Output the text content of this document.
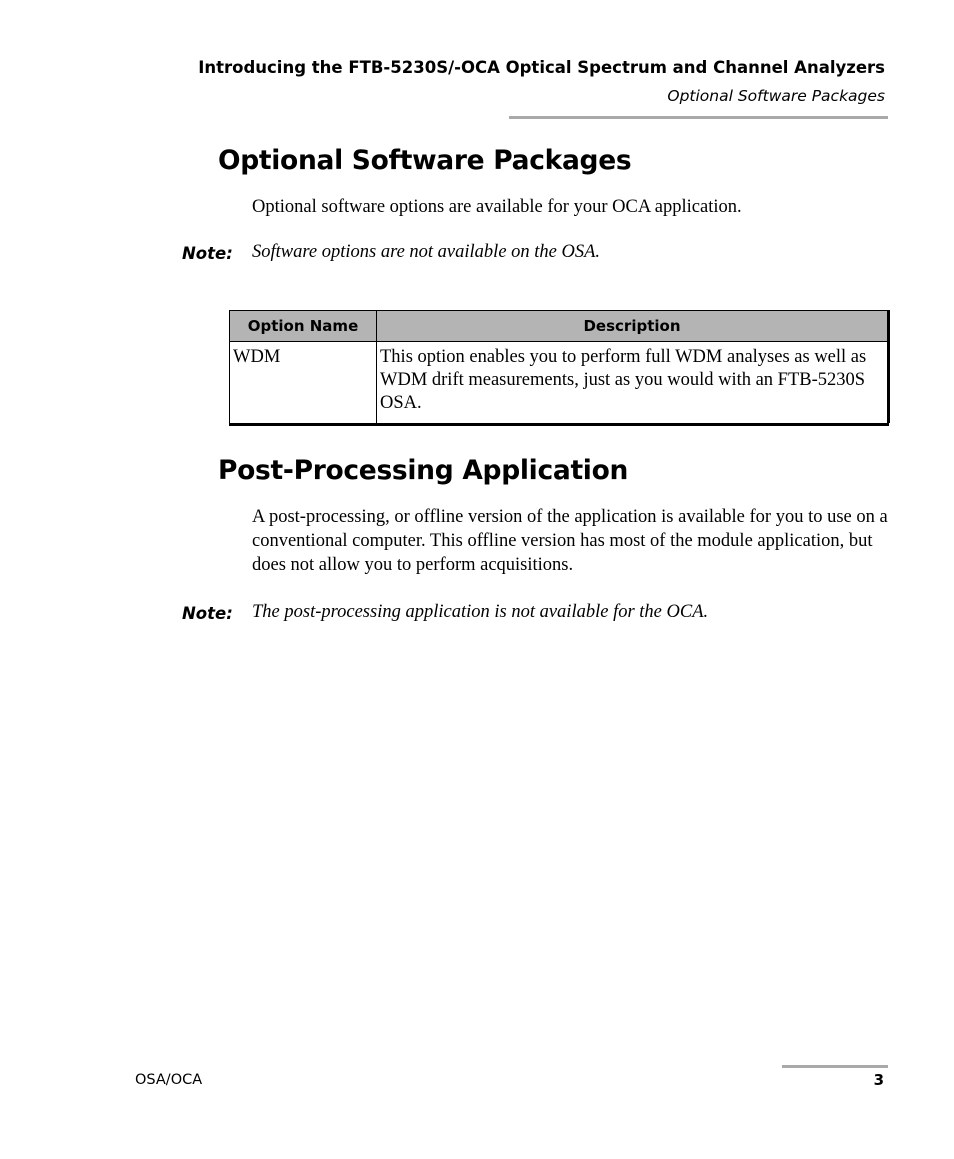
Introducing the FTB-5230S/-OCA Optical Spectrum and Channel Analyzers
Optional Software Packages
Optional Software Packages
Optional software options are available for your OCA application.
Note: Software options are not available on the OSA.
Option Name	Description

WDM	This option enables you to perform full WDM analyses as well as WDM drift measurements, just as you would with an FTB-5230S OSA.

Post-Processing Application
A post-processing, or offline version of the application is available for you to use on a conventional computer. This offline version has most of the module application, but does not allow you to perform acquisitions.
Note: The post-processing application is not available for the OCA.
OSA/OCA	3
